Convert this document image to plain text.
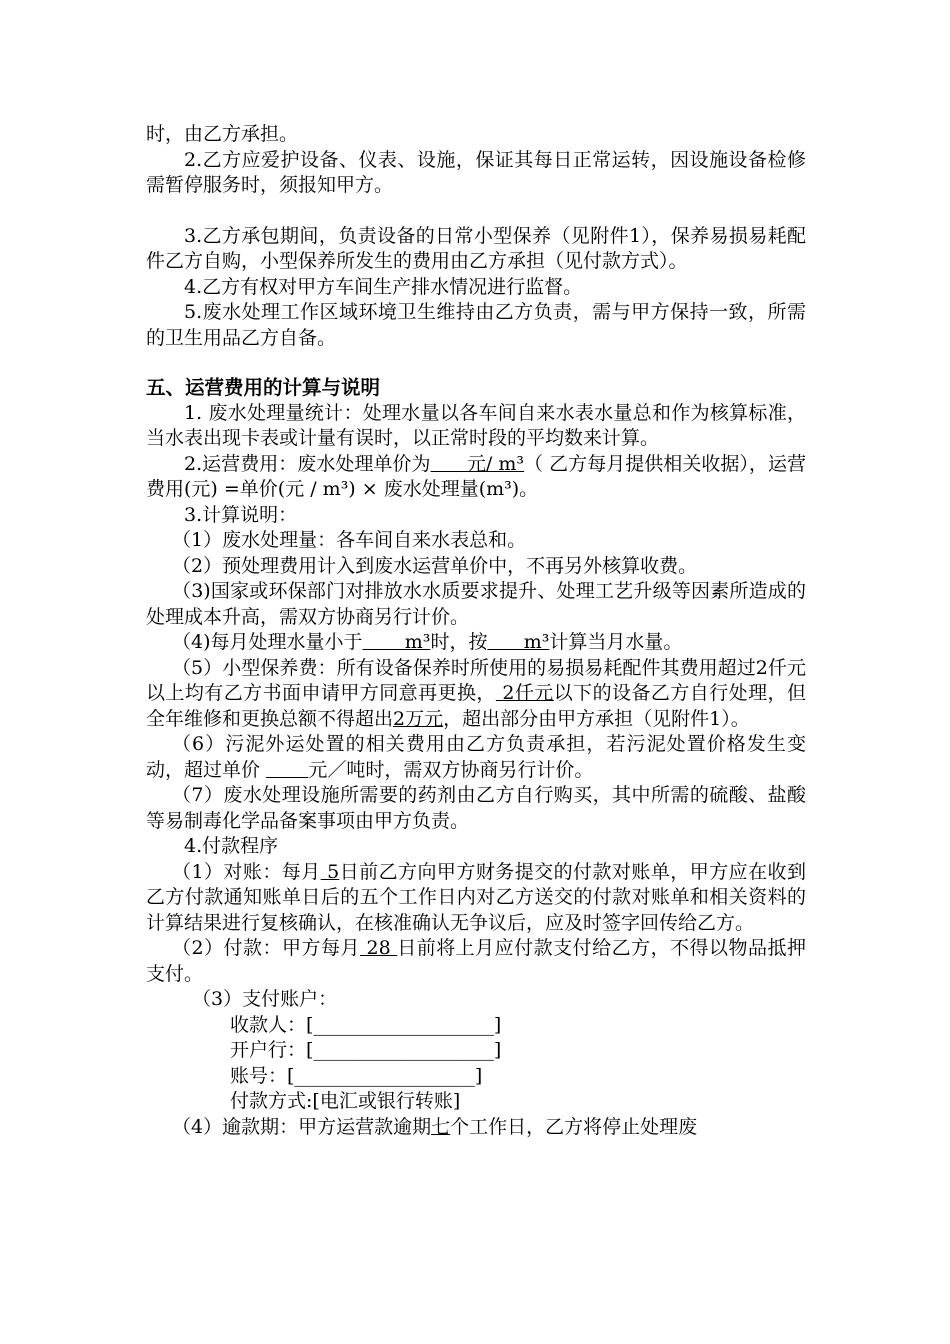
时，由乙方承担。

2.乙方应爱护设备、仪表、设施，保证其每日正常运转，因设施设备检修需暂停服务时，须报知甲方。

3.乙方承包期间，负责设备的日常小型保养（见附件1），保养易损易耗配件乙方自购，小型保养所发生的费用由乙方承担（见付款方式）。

4.乙方有权对甲方车间生产排水情况进行监督。

5.废水处理工作区域环境卫生维持由乙方负责，需与甲方保持一致，所需的卫生用品乙方自备。

五、运营费用的计算与说明

1. 废水处理量统计：处理水量以各车间自来水表水量总和作为核算标准，当水表出现卡表或计量有误时，以正常时段的平均数来计算。

2.运营费用：废水处理单价为      元/ m³（ 乙方每月提供相关收据），运营费用(元) =单价(元 / m³) × 废水处理量(m³)。

3.计算说明：

（1）废水处理量：各车间自来水表总和。

（2）预处理费用计入到废水运营单价中，不再另外核算收费。

（3)国家或环保部门对排放水水质要求提升、处理工艺升级等因素所造成的处理成本升高，需双方协商另行计价。

（4)每月处理水量小于       m³时，按      m³计算当月水量。

（5）小型保养费：所有设备保养时所使用的易损易耗配件其费用超过2仟元以上均有乙方书面申请甲方同意再更换， 2仟元以下的设备乙方自行处理，但全年维修和更换总额不得超出2万元，超出部分由甲方承担（见附件1）。

（6）污泥外运处置的相关费用由乙方负责承担，若污泥处置价格发生变动，超过单价        元／吨时，需双方协商另行计价。

（7）废水处理设施所需要的药剂由乙方自行购买，其中所需的硫酸、盐酸等易制毒化学品备案事项由甲方负责。

4.付款程序

（1）对账：每月 5日前乙方向甲方财务提交的付款对账单，甲方应在收到乙方付款通知账单日后的五个工作日内对乙方送交的付款对账单和相关资料的计算结果进行复核确认，在核准确认无争议后，应及时签字回传给乙方。

（2）付款：甲方每月 28 日前将上月应付款支付给乙方，不得以物品抵押支付。

（3）支付账户：

收款人：[___________________]

开户行：[___________________]

账号：[___________________]

付款方式:[电汇或银行转账]

（4）逾款期：甲方运营款逾期七个工作日，乙方将停止处理废
